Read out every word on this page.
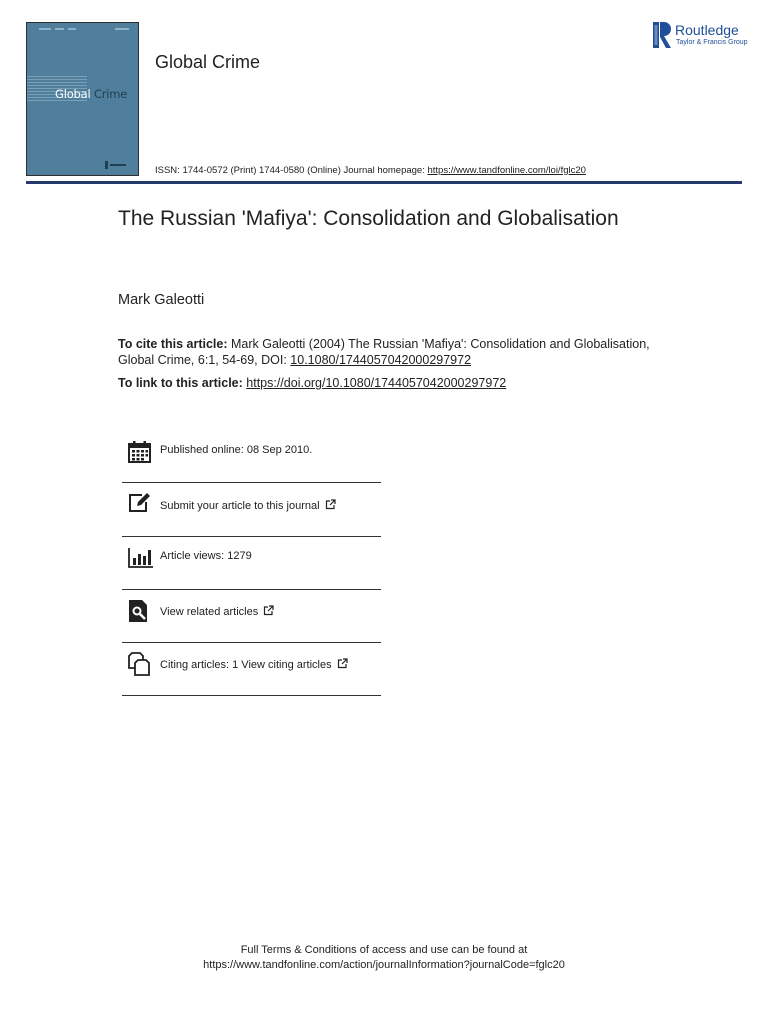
Global Crime
Global Crime
Routledge
Taylor & Francis Group
ISSN: 1744-0572 (Print) 1744-0580 (Online) Journal homepage: https://www.tandfonline.com/loi/fglc20
The Russian 'Mafiya': Consolidation and Globalisation
Mark Galeotti
To cite this article: Mark Galeotti (2004) The Russian 'Mafiya': Consolidation and Globalisation, Global Crime, 6:1, 54-69, DOI: 10.1080/1744057042000297972
To link to this article: https://doi.org/10.1080/1744057042000297972
Published online: 08 Sep 2010.
Submit your article to this journal
Article views: 1279
View related articles
Citing articles: 1 View citing articles
Full Terms & Conditions of access and use can be found at
https://www.tandfonline.com/action/journalInformation?journalCode=fglc20
